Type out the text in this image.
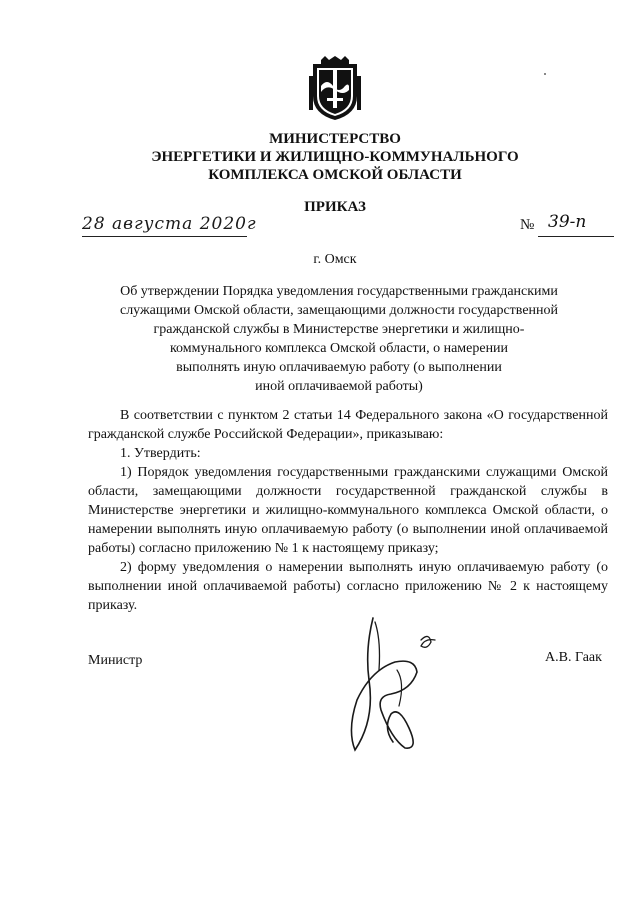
МИНИСТЕРСТВО
ЭНЕРГЕТИКИ И ЖИЛИЩНО-КОММУНАЛЬНОГО
КОМПЛЕКСА ОМСКОЙ ОБЛАСТИ
ПРИКАЗ
28 августа 2020г	№ 39-п
г. Омск
Об утверждении Порядка уведомления государственными гражданскими
служащими Омской области, замещающими должности государственной
гражданской службы в Министерстве энергетики и жилищно-
коммунального комплекса Омской области, о намерении
выполнять иную оплачиваемую работу (о выполнении
иной оплачиваемой работы)

В соответствии с пунктом 2 статьи 14 Федерального закона «О государственной гражданской службе Российской Федерации», приказываю:

1. Утвердить:

1) Порядок уведомления государственными гражданскими служащими Омской области, замещающими должности государственной гражданской службы в Министерстве энергетики и жилищно-коммунального комплекса Омской области, о намерении выполнять иную оплачиваемую работу (о выполнении иной оплачиваемой работы) согласно приложению № 1 к настоящему приказу;

2) форму уведомления о намерении выполнять иную оплачиваемую работу (о выполнении иной оплачиваемой работы) согласно приложению № 2 к настоящему приказу.

Министр	А.В. Гаак
